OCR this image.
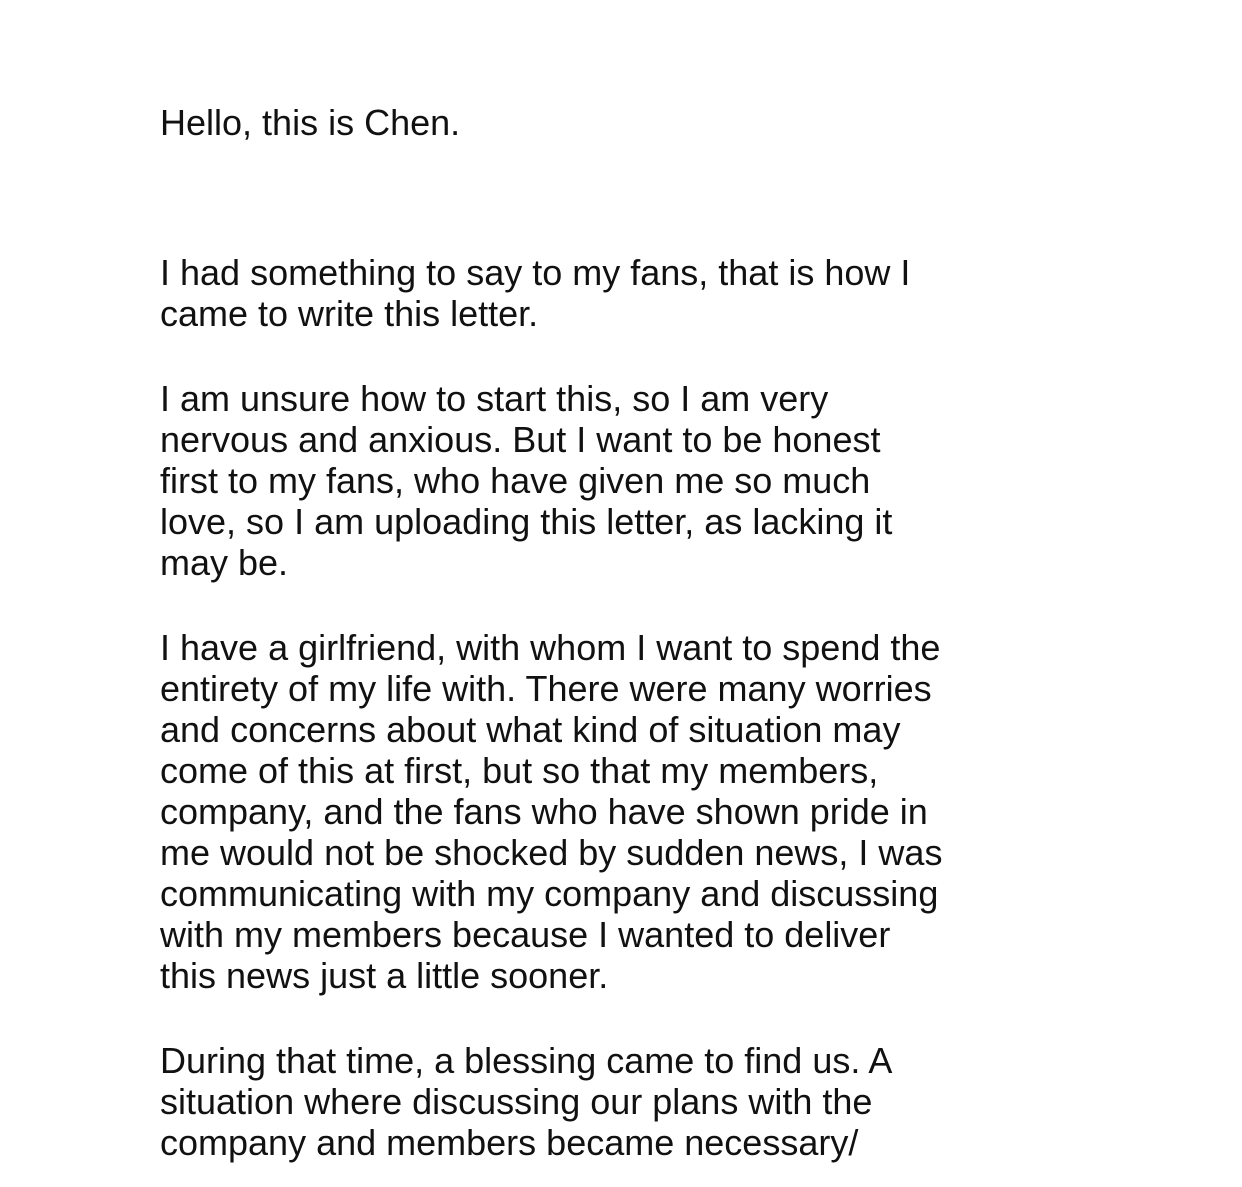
Hello, this is Chen.

I had something to say to my fans, that is how I
came to write this letter.

I am unsure how to start this, so I am very
nervous and anxious. But I want to be honest
first to my fans, who have given me so much
love, so I am uploading this letter, as lacking it
may be.

I have a girlfriend, with whom I want to spend the
entirety of my life with. There were many worries
and concerns about what kind of situation may
come of this at first, but so that my members,
company, and the fans who have shown pride in
me would not be shocked by sudden news, I was
communicating with my company and discussing
with my members because I wanted to deliver
this news just a little sooner.

During that time, a blessing came to find us. A
situation where discussing our plans with the
company and members became necessary/
